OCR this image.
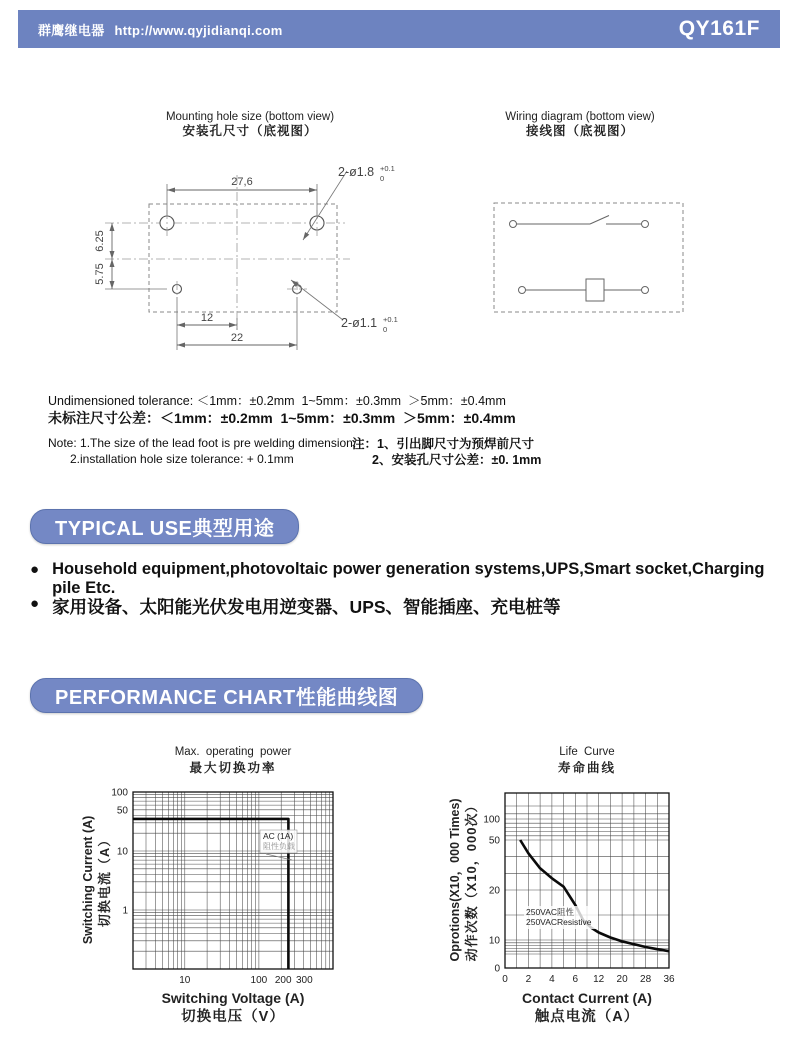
群鹰继电器 http://www.qyjidianqi.com	QY161F
Mounting hole size (bottom view)
安装孔尺寸（底视图）
Wiring diagram (bottom view)
接线图（底视图）
27,6
6.25
5.75
12
22
2-ø1.8 +0.1
0
2-ø1.1 +0.1
0
Undimensioned tolerance: ＜1mm：±0.2mm  1~5mm：±0.3mm  ＞5mm：±0.4mm
未标注尺寸公差：＜1mm：±0.2mm  1~5mm：±0.3mm  ＞5mm：±0.4mm
Note: 1.The size of the lead foot is pre welding dimension.
2.installation hole size tolerance: + 0.1mm
注：1、引出脚尺寸为预焊前尺寸
2、安装孔尺寸公差：±0. 1mm
TYPICAL USE典型用途
● Household equipment,photovoltaic power generation systems,UPS,Smart socket,Charging pile Etc.
● 家用设备、太阳能光伏发电用逆变器、UPS、智能插座、充电桩等
PERFORMANCE CHART性能曲线图
Max. operating power
最大切换功率
Switching Current (A) 切换电流（A）
10	100 200 300
100
50
10
1
AC (1A)
阻性负载
Switching Voltage (A)
切换电压（V）
Life Curve
寿命曲线
Oprotions(X10，000 Times) 动作次数（X10，000次）
0 2 4 6 12 20 28 36
100
50
20
10
0
250VAC阻性
250VACResistive
Contact Current (A)
触点电流（A）
